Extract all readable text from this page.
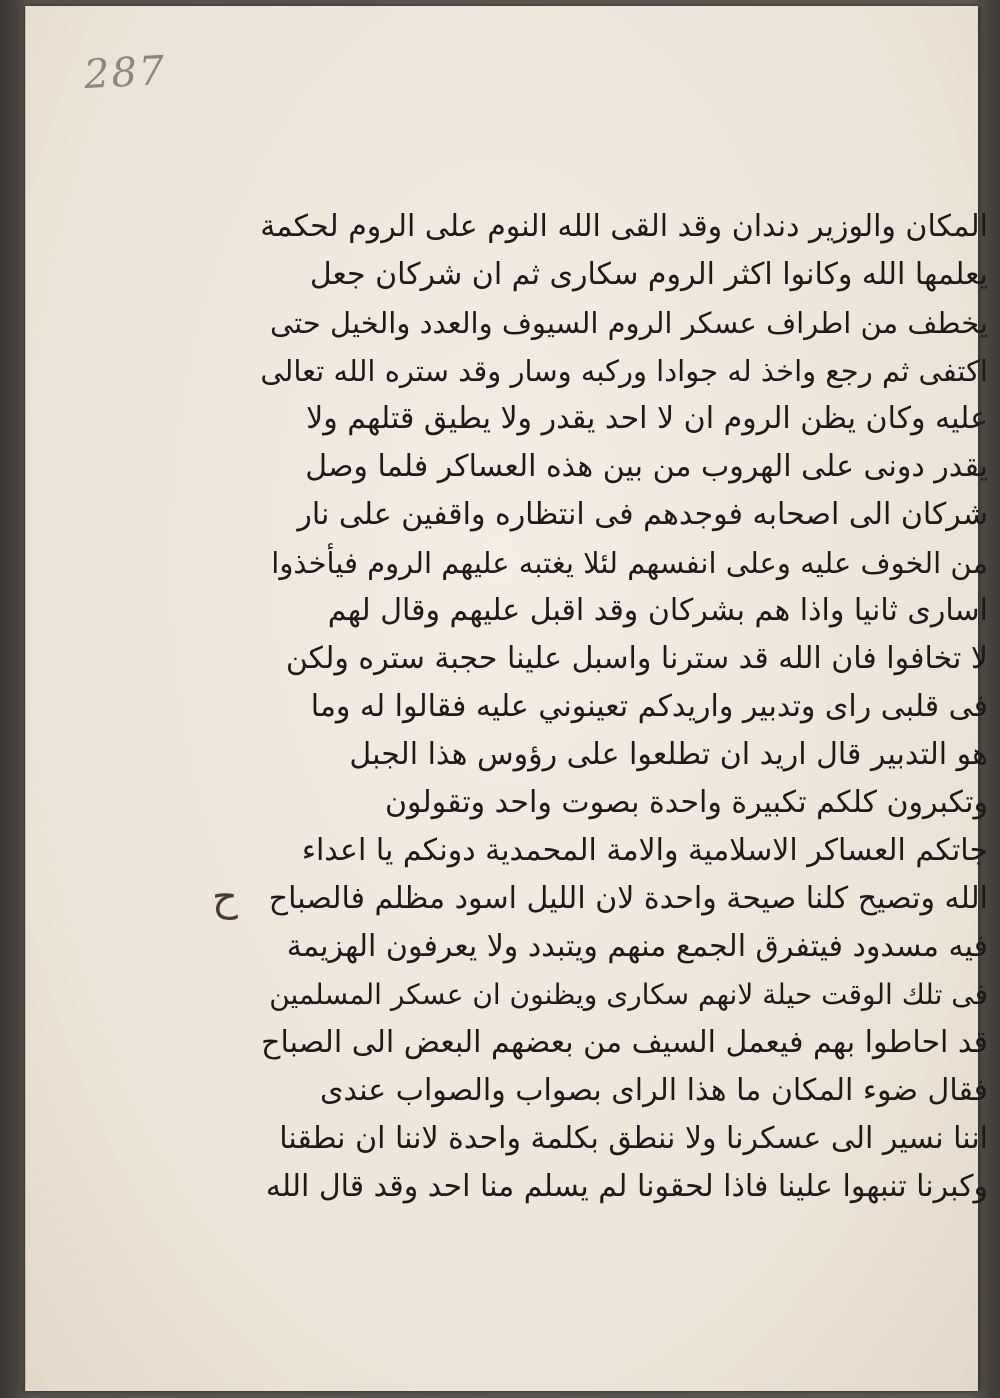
287
ح
المكان والوزير دندان وقد القى الله النوم على الروم لحكمة
يعلمها الله وكانوا اكثر الروم سكارى ثم ان شركان جعل
يخطف من اطراف عسكر الروم السيوف والعدد والخيل حتى
اكتفى ثم رجع واخذ له جوادا وركبه وسار وقد ستره الله تعالى
عليه وكان يظن الروم ان لا احد يقدر ولا يطيق قتلهم ولا
يقدر دونى على الهروب من بين هذه العساكر فلما وصل
شركان الى اصحابه فوجدهم فى انتظاره واقفين على نار
من الخوف عليه وعلى انفسهم لئلا يغتبه عليهم الروم فيأخذوا
اسارى ثانيا واذا هم بشركان وقد اقبل عليهم وقال لهم
لا تخافوا فان الله قد سترنا واسبل علينا حجبة ستره ولكن
فى قلبى راى وتدبير واريدكم تعينوني عليه فقالوا له وما
هو التدبير قال اريد ان تطلعوا على رؤوس هذا الجبل
وتكبرون كلكم تكبيرة واحدة بصوت واحد وتقولون
جاتكم العساكر الاسلامية والامة المحمدية دونكم يا اعداء
الله وتصيح كلنا صيحة واحدة لان الليل اسود مظلم فالصباح
فيه مسدود فيتفرق الجمع منهم ويتبدد ولا يعرفون الهزيمة
فى تلك الوقت حيلة لانهم سكارى ويظنون ان عسكر المسلمين
قد احاطوا بهم فيعمل السيف من بعضهم البعض الى الصباح
فقال ضوء المكان ما هذا الراى بصواب والصواب عندى
اننا نسير الى عسكرنا ولا ننطق بكلمة واحدة لاننا ان نطقنا
وكبرنا تنبهوا علينا فاذا لحقونا لم يسلم منا احد وقد قال الله
